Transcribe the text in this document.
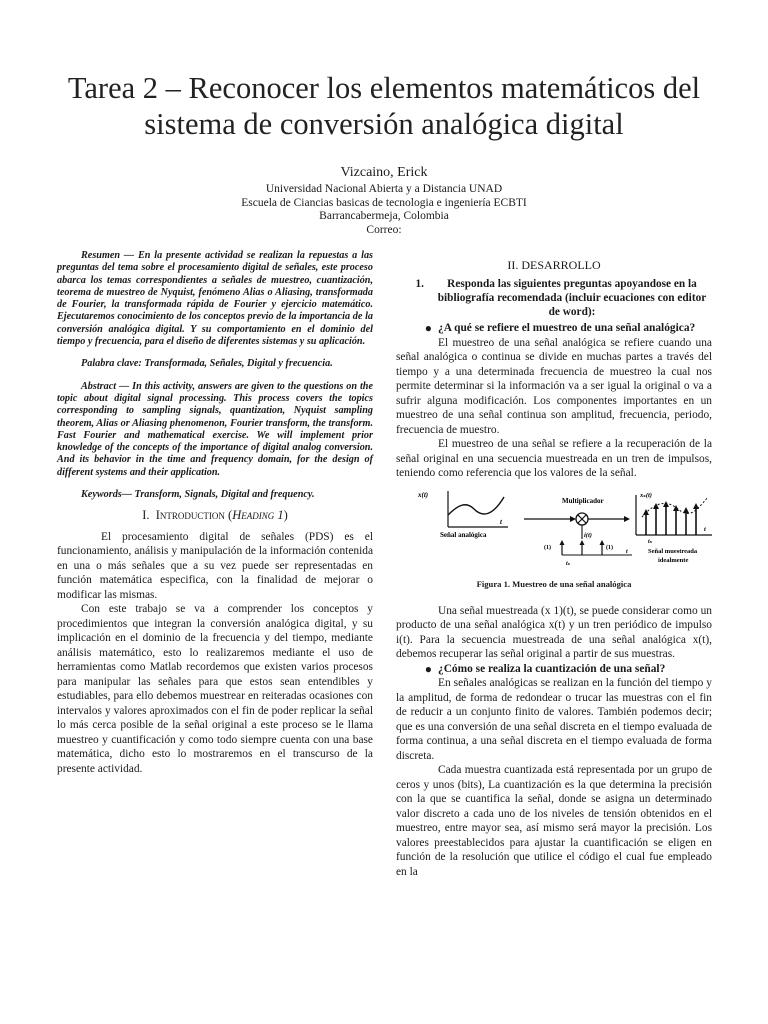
Tarea 2 – Reconocer los elementos matemáticos del
sistema de conversión analógica digital
Vizcaino, Erick
Universidad Nacional Abierta y a Distancia UNAD
Escuela de Ciancias basicas de tecnologia e ingeniería ECBTI
Barrancabermeja, Colombia
Correo:

Resumen — En la presente actividad se realizan la repuestas a las preguntas del tema sobre el procesamiento digital de señales, este proceso abarca los temas correspondientes a señales de muestreo, cuantización, teorema de muestreo de Nyquist, fenómeno Alias o Aliasing, transformada de Fourier, la transformada rápida de Fourier y ejercicio matemático. Ejecutaremos conocimiento de los conceptos previo de la importancia de la conversión analógica digital. Y su comportamiento en el dominio del tiempo y frecuencia, para el diseño de diferentes sistemas y su aplicación.

Palabra clave: Transformada, Señales, Digital y frecuencia.

Abstract — In this activity, answers are given to the questions on the topic about digital signal processing. This process covers the topics corresponding to sampling signals, quantization, Nyquist sampling theorem, Alias or Aliasing phenomenon, Fourier transform, the transform. Fast Fourier and mathematical exercise. We will implement prior knowledge of the concepts of the importance of digital analog conversion. And its behavior in the time and frequency domain, for the design of different systems and their application.

Keywords— Transform, Signals, Digital and frequency.

I. Introduction (Heading 1)

El procesamiento digital de señales (PDS) es el funcionamiento, análisis y manipulación de la información contenida en una o más señales que a su vez puede ser representadas en función matemática especifica, con la finalidad de mejorar o modificar las mismas.

Con este trabajo se va a comprender los conceptos y procedimientos que integran la conversión analógica digital, y su implicación en el dominio de la frecuencia y del tiempo, mediante análisis matemático, esto lo realizaremos mediante el uso de herramientas como Matlab recordemos que existen varios procesos para manipular las señales para que estos sean entendibles y estudiables, para ello debemos muestrear en reiteradas ocasiones con intervalos y valores aproximados con el fin de poder replicar la señal lo más cerca posible de la señal original a este proceso se le llama muestreo y cuantificación y como todo siempre cuenta con una base matemática, dicho esto lo mostraremos en el transcurso de la presente actividad.

II. DESARROLLO

1.	Responda las siguientes preguntas apoyandose en la bibliografía recomendada (incluir ecuaciones con editor de word):
● ¿A qué se refiere el muestreo de una señal analógica?

El muestreo de una señal analógica se refiere cuando una señal analógica o continua se divide en muchas partes a través del tiempo y a una determinada frecuencia de muestreo la cual nos permite determinar si la información va a ser igual la original o va a sufrir alguna modificación. Los componentes importantes en un muestreo de una señal continua son amplitud, frecuencia, periodo, frecuencia de muestro.

El muestreo de una señal se refiere a la recuperación de la señal original en una secuencia muestreada en un tren de impulsos, teniendo como referencia que los valores de la señal.

x(t)
t
Señal analógica
Multiplicador
i(t)
(1)	(1)
tₛ
t
xₛ(t)
t
tₛ
Señal muestreada
idealmente

Figura 1. Muestreo de una señal analógica

Una señal muestreada (x 1)(t), se puede considerar como un producto de una señal analógica x(t) y un tren periódico de impulso i(t). Para la secuencia muestreada de una señal analógica x(t), debemos recuperar las señal original a partir de sus muestras.

● ¿Cómo se realiza la cuantización de una señal?

En señales analógicas se realizan en la función del tiempo y la amplitud, de forma de redondear o trucar las muestras con el fin de reducir a un conjunto finito de valores. También podemos decir; que es una conversión de una señal discreta en el tiempo evaluada de forma continua, a una señal discreta en el tiempo evaluada de forma discreta.

Cada muestra cuantizada está representada por un grupo de ceros y unos (bits), La cuantización es la que determina la precisión con la que se cuantifica la señal, donde se asigna un determinado valor discreto a cada uno de los niveles de tensión obtenidos en el muestreo, entre mayor sea, así mismo será mayor la precisión. Los valores preestablecidos para ajustar la cuantificación se eligen en función de la resolución que utilice el código el cual fue empleado en la
